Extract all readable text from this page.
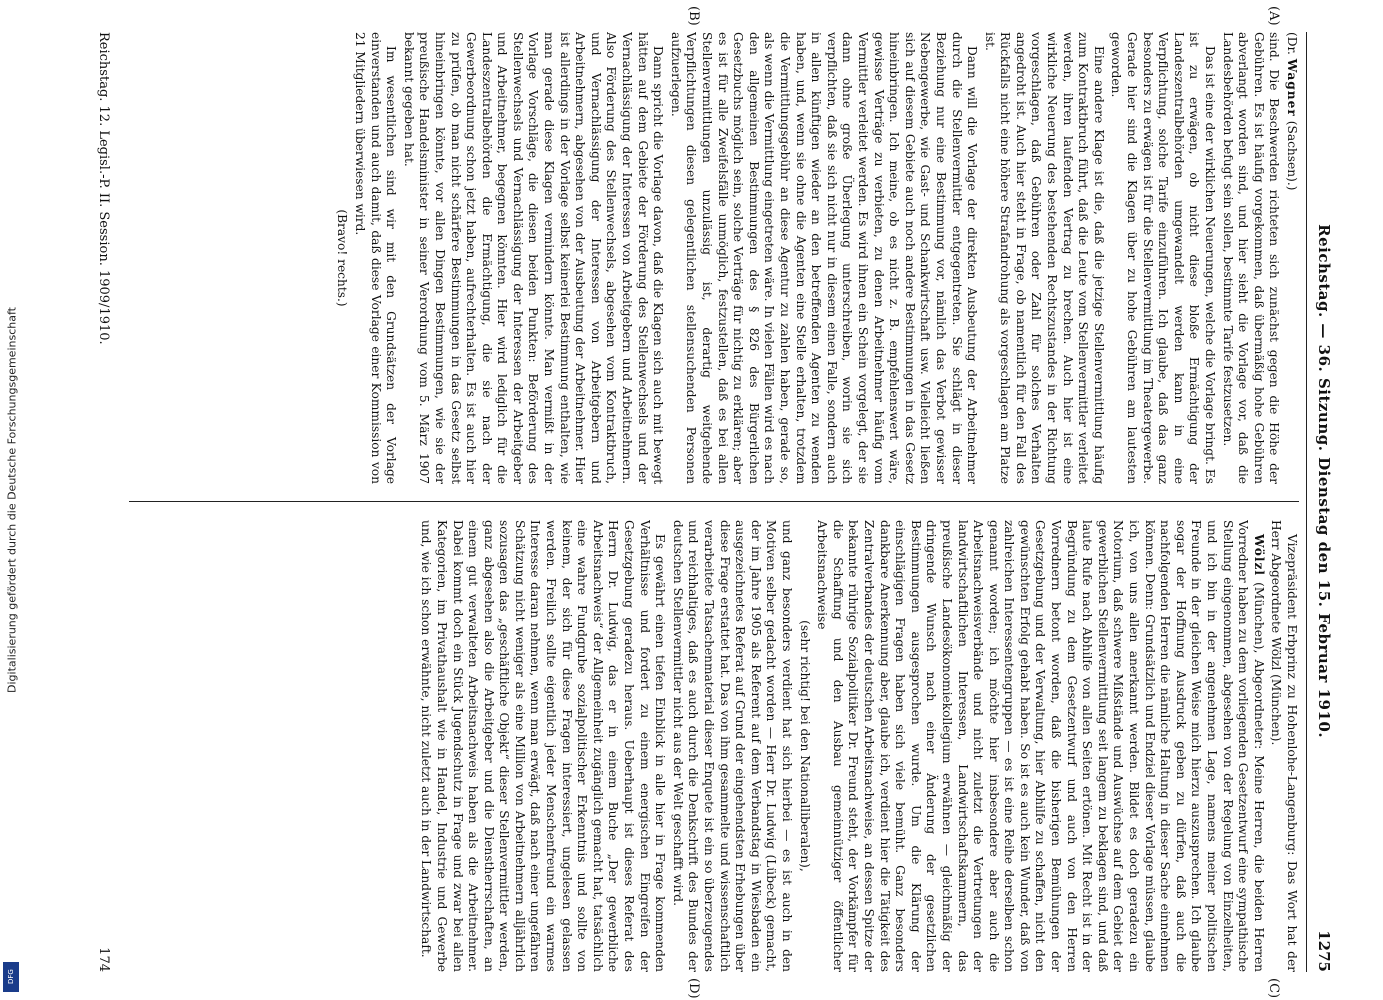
Digitalisierung gefördert durch die Deutsche Forschungsgemeinschaft
DFG
Reichstag. — 36. Sitzung. Dienstag den 15. Februar 1910.
1275
(A)
(B)
(C)
(D)

(Dr. Wagner (Sachsen).)

sind. Die Beschwerden richteten sich zunächst gegen die Höhe der Gebühren. Es ist häufig vorgekommen, daß übermäßig hohe Gebühren abverlangt worden sind, und hier sieht die Vorlage vor, daß die Landesbehörden befugt sein sollen, bestimmte Tarife festzusetzen.

Das ist eine der wirklichen Neuerungen, welche die Vorlage bringt. Es ist zu erwägen, ob nicht diese bloße Ermächtigung der Landeszentralbehörden umgewandelt werden kann in eine Verpflichtung, solche Tarife einzuführen. Ich glaube, daß das ganz besonders zu erwägen ist für die Stellenvermittlung im Theatergewerbe. Gerade hier sind die Klagen über zu hohe Gebühren am lautesten geworden.

Eine andere Klage ist die, daß die jetzige Stellenvermittlung häufig zum Kontraktbruch führt, daß die Leute vom Stellenvermittler verleitet werden, ihren laufenden Vertrag zu brechen. Auch hier ist eine wirkliche Neuerung des bestehenden Rechtszustandes in der Richtung vorgeschlagen, daß Gebühren oder Zahl für solches Verhalten angedroht ist. Auch hier steht in Frage, ob namentlich für den Fall des Rückfalls nicht eine höhere Strafandrohung als vorgeschlagen am Platze ist.

Dann will die Vorlage der direkten Ausbeutung der Arbeitnehmer durch die Stellenvermittler entgegentreten. Sie schlägt in dieser Beziehung nur eine Bestimmung vor, nämlich das Verbot gewisser Nebengewerbe, wie Gast- und Schankwirtschaft usw. Vielleicht ließen sich auf diesem Gebiete auch noch andere Bestimmungen in das Gesetz hineinbringen. Ich meine, ob es nicht z. B. empfehlenswert wäre, gewisse Verträge zu verbieten, zu denen Arbeitnehmer häufig vom Vermittler verleitet werden. Es wird ihnen ein Schein vorgelegt, der sie dann ohne große Überlegung unterschreiben, worin sie sich verpflichten, daß sie sich nicht nur in diesem einen Falle, sondern auch in allen künftigen wieder an den betreffenden Agenten zu wenden haben, und, wenn sie ohne die Agenten eine Stelle erhalten, trotzdem die Vermittlungsgebühr an diese Agentur zu zahlen haben, gerade so, als wenn die Vermittlung eingetreten wäre. In vielen Fällen wird es nach den allgemeinen Bestimmungen des § 826 des Bürgerlichen Gesetzbuchs möglich sein, solche Verträge für nichtig zu erklären; aber es ist für alle Zweifelsfälle unmöglich, festzustellen, daß es bei allen Stellenvermittlungen unzulässig ist, derartig weitgehende Verpflichtungen diesen gelegentlichen stellensuchenden Personen aufzuerlegen.

Dann spricht die Vorlage davon, daß die Klagen sich auch mit bewegt hätten auf dem Gebiete der Förderung des Stellenwechsels und der Vernachlässigung der Interessen von Arbeitgebern und Arbeitnehmern. Also Förderung des Stellenwechsels, abgesehen vom Kontraktbruch, und Vernachlässigung der Interessen von Arbeitgebern und Arbeitnehmern, abgesehen von der Ausbeutung der Arbeitnehmer. Hier ist allerdings in der Vorlage selbst keinerlei Bestimmung enthalten, wie man gerade diese Klagen vermindern könnte. Man vermißt in der Vorlage Vorschläge, die diesen beiden Punkten: Beförderung des Stellenwechsels und Vernachlässigung der Interessen der Arbeitgeber und Arbeitnehmer, begegnen könnten. Hier wird lediglich für die Landeszentralbehörden die Ermächtigung, die sie nach der Gewerbeordnung schon jetzt haben, aufrechterhalten. Es ist auch hier zu prüfen, ob man nicht schärfere Bestimmungen in das Gesetz selbst hineinbringen könnte, vor allen Dingen Bestimmungen, wie sie der preußische Handelsminister in seiner Verordnung vom 5. März 1907 bekannt gegeben hat.

Im wesentlichen sind wir mit den Grundsätzen der Vorlage einverstanden und auch damit, daß diese Vorlage einer Kommission von 21 Mitgliedern überwiesen wird.

(Bravo! rechts.)

Vizepräsident Erbprinz zu Hohenlohe-Langenburg: Das Wort hat der Herr Abgeordnete Wölzl (München).

Wölzl (München), Abgeordneter: Meine Herren, die beiden Herren Vorredner haben zu dem vorliegenden Gesetzentwurf eine sympathische Stellung eingenommen, abgesehen von der Regelung von Einzelheiten, und ich bin in der angenehmen Lage, namens meiner politischen Freunde in der gleichen Weise mich hierzu auszusprechen. Ich glaube sogar der Hoffnung Ausdruck geben zu dürfen, daß auch die nachfolgenden Herren die nämliche Haltung in dieser Sache einnehmen können. Denn: Grundsätzlich und Endziel dieser Vorlage müssen, glaube ich, von uns allen anerkannt werden. Bildet es doch geradezu ein Notorium, daß schwere Mißstände und Auswüchse auf dem Gebiet der gewerblichen Stellenvermittlung seit langem zu beklagen sind, und daß laute Rufe nach Abhilfe von allen Seiten ertönen. Mit Recht ist in der Begründung zu dem Gesetzentwurf und auch von den Herren Vorrednern betont worden, daß die bisherigen Bemühungen der Gesetzgebung und der Verwaltung, hier Abhilfe zu schaffen, nicht den gewünschten Erfolg gehabt haben. So ist es auch kein Wunder, daß von zahlreichen Interessentengruppen — es ist eine Reihe derselben schon genannt worden; ich möchte hier insbesondere aber auch die Arbeitsnachweisverbände und nicht zuletzt die Vertretungen der landwirtschaftlichen Interessen, Landwirtschaftskammern, das preußische Landesökonomiekollegium erwähnen — gleichmäßig der dringende Wunsch nach einer Änderung der gesetzlichen Bestimmungen ausgesprochen wurde. Um die Klärung der einschlägigen Fragen haben sich viele bemüht. Ganz besonders dankbare Anerkennung aber, glaube ich, verdient hier die Tätigkeit des Zentralverbandes der deutschen Arbeitsnachweise, an dessen Spitze der bekannte rührige Sozialpolitiker Dr. Freund steht, der Vorkämpfer für die Schaffung und den Ausbau gemeinnütziger öffentlicher Arbeitsnachweise

(sehr richtig! bei den Nationalliberalen),

und ganz besonders verdient hat sich hierbei — es ist auch in den Motiven selber gedacht worden — Herr Dr. Ludwig (Lübeck) gemacht, der im Jahre 1905 als Referent auf dem Verbandstag in Wiesbaden ein ausgezeichnetes Referat auf Grund der eingehendsten Erhebungen über diese Frage erstattet hat. Das von ihm gesammelte und wissenschaftlich verarbeitete Tatsachenmaterial dieser Enquete ist ein so überzeugendes und reichhaltiges, daß es auch durch die Denkschrift des Bundes der deutschen Stellenvermittler nicht aus der Welt geschafft wird.

Es gewährt einen tiefen Einblick in alle hier in Frage kommenden Verhältnisse und fordert zu einem energischen Eingreifen der Gesetzgebung geradezu heraus. Ueberhaupt ist dieses Referat des Herrn Dr. Ludwig, das er in einem Buche „Der gewerbliche Arbeitsnachweis“ der Allgemeinheit zugänglich gemacht hat, tatsächlich eine wahre Fundgrube sozialpolitischer Erkenntnis und sollte von keinem, der sich für diese Fragen interessiert, ungelesen gelassen werden. Freilich sollte eigentlich jeder Menschenfreund ein warmes Interesse daran nehmen, wenn man erwägt, daß nach einer ungefähren Schätzung nicht weniger als eine Million von Arbeitnehmern alljährlich sozusagen das „geschäftliche Objekt“ dieser Stellenvermittler werden, ganz abgesehen also die Arbeitgeber und die Dienstherrschaften, an einem gut verwalteten Arbeitsnachweis haben als die Arbeitnehmer. Dabei kommt doch ein Stück Jugendschutz in Frage und zwar bei allen Kategorien, im Privathaushalt wie in Handel, Industrie und Gewerbe und, wie ich schon erwähnte, nicht zuletzt auch in der Landwirtschaft.

Reichstag. 12. Legisl.-P. II. Session. 1909/1910.
174
